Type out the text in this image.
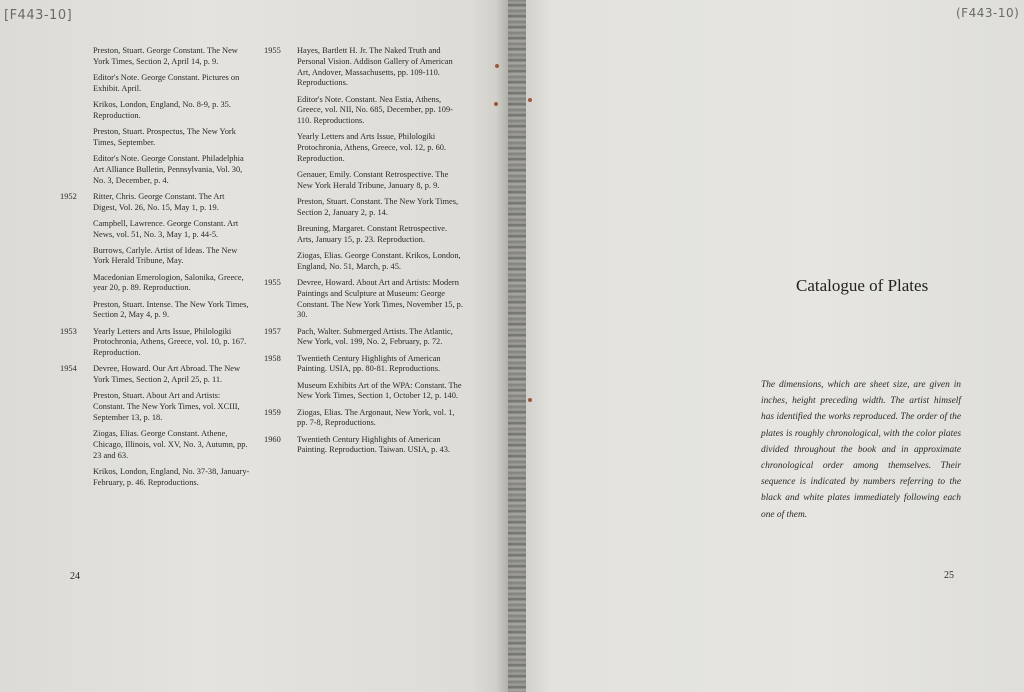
[F443-10]	(F443-10)
Preston, Stuart. George Constant. The New York Times, Section 2, April 14, p. 9.
Editor's Note. George Constant. Pictures on Exhibit. April.
Krikos, London, England, No. 8-9, p. 35. Reproduction.
Preston, Stuart. Prospectus, The New York Times, September.
Editor's Note. George Constant. Philadelphia Art Alliance Bulletin, Pennsylvania, Vol. 30, No. 3, December, p. 4.
1952 Ritter, Chris. George Constant. The Art Digest, Vol. 26, No. 15, May 1, p. 19.
Campbell, Lawrence. George Constant. Art News, vol. 51, No. 3, May 1, p. 44-5.
Burrows, Carlyle. Artist of Ideas. The New York Herald Tribune, May.
Macedonian Emerologion, Salonika, Greece, year 20, p. 89. Reproduction.
Preston, Stuart. Intense. The New York Times, Section 2, May 4, p. 9.
1953 Yearly Letters and Arts Issue, Philologiki Protochronia, Athens, Greece, vol. 10, p. 167. Reproduction.
1954 Devree, Howard. Our Art Abroad. The New York Times, Section 2, April 25, p. 11.
Preston, Stuart. About Art and Artists: Constant. The New York Times, vol. XCIII, September 13, p. 18.
Ziogas, Elias. George Constant. Athene, Chicago, Illinois, vol. XV, No. 3, Autumn, pp. 23 and 63.
Krikos, London, England, No. 37-38, January-February, p. 46. Reproductions.
1955 Hayes, Bartlett H. Jr. The Naked Truth and Personal Vision. Addison Gallery of American Art, Andover, Massachusetts, pp. 109-110. Reproductions.
Editor's Note. Constant. Nea Estia, Athens, Greece, vol. NII, No. 685, December, pp. 109-110. Reproductions.
Yearly Letters and Arts Issue, Philologiki Protochronia, Athens, Greece, vol. 12, p. 60. Reproduction.
Genauer, Emily. Constant Retrospective. The New York Herald Tribune, January 8, p. 9.
Preston, Stuart. Constant. The New York Times, Section 2, January 2, p. 14.
Breuning, Margaret. Constant Retrospective. Arts, January 15, p. 23. Reproduction.
Ziogas, Elias. George Constant. Krikos, London, England, No. 51, March, p. 45.
1955 Devree, Howard. About Art and Artists: Modern Paintings and Sculpture at Museum: George Constant. The New York Times, November 15, p. 30.
1957 Pach, Walter. Submerged Artists. The Atlantic, New York, vol. 199, No. 2, February, p. 72.
1958 Twentieth Century Highlights of American Painting. USIA, pp. 80-81. Reproductions.
Museum Exhibits Art of the WPA: Constant. The New York Times, Section 1, October 12, p. 140.
1959 Ziogas, Elias. The Argonaut, New York, vol. 1, pp. 7-8, Reproductions.
1960 Twentieth Century Highlights of American Painting. Reproduction. Taiwan. USIA, p. 43.
24	25
Catalogue of Plates
The dimensions, which are sheet size, are given in inches, height preceding width. The artist himself has identified the works reproduced. The order of the plates is roughly chronological, with the color plates divided throughout the book and in approximate chronological order among themselves. Their sequence is indicated by numbers referring to the black and white plates immediately following each one of them.
